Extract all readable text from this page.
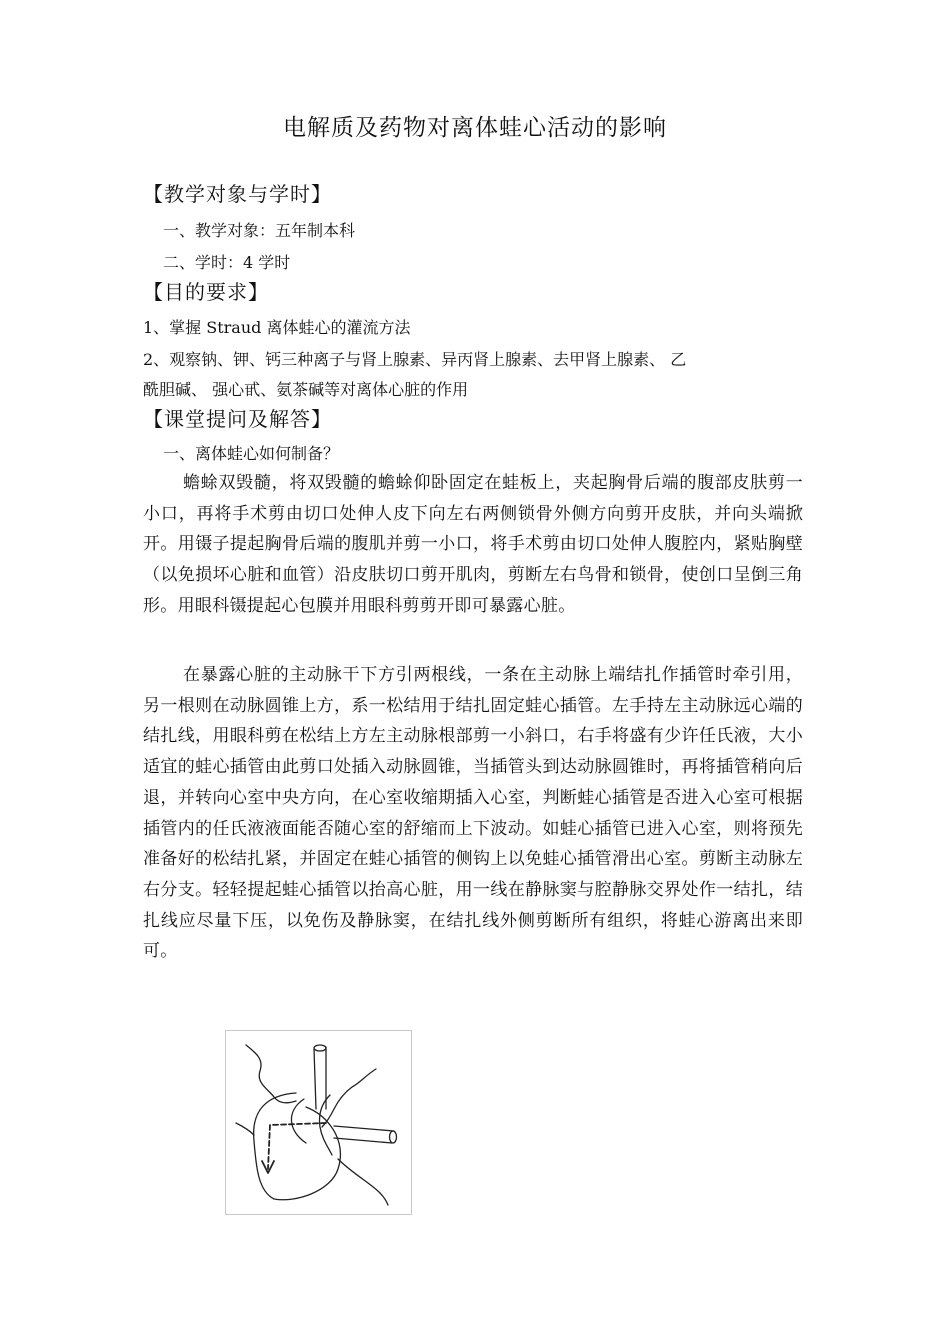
电解质及药物对离体蛙心活动的影响
【教学对象与学时】
一、教学对象：五年制本科
二、学时：4 学时
【目的要求】
1、掌握 Straud 离体蛙心的灌流方法
2、观察钠、钾、钙三种离子与肾上腺素、异丙肾上腺素、去甲肾上腺素、 乙
酰胆碱、 强心甙、氨茶碱等对离体心脏的作用
【课堂提问及解答】
一、离体蛙心如何制备？
蟾蜍双毁髓，将双毁髓的蟾蜍仰卧固定在蛙板上，夹起胸骨后端的腹部皮肤剪一小口，再将手术剪由切口处伸人皮下向左右两侧锁骨外侧方向剪开皮肤，并向头端掀开。用镊子提起胸骨后端的腹肌并剪一小口，将手术剪由切口处伸人腹腔内，紧贴胸壁（以免损坏心脏和血管）沿皮肤切口剪开肌肉，剪断左右鸟骨和锁骨，使创口呈倒三角形。用眼科镊提起心包膜并用眼科剪剪开即可暴露心脏。
在暴露心脏的主动脉干下方引两根线，一条在主动脉上端结扎作插管时牵引用，另一根则在动脉圆锥上方，系一松结用于结扎固定蛙心插管。左手持左主动脉远心端的结扎线，用眼科剪在松结上方左主动脉根部剪一小斜口，右手将盛有少许任氏液，大小适宜的蛙心插管由此剪口处插入动脉圆锥，当插管头到达动脉圆锥时，再将插管稍向后退，并转向心室中央方向，在心室收缩期插入心室，判断蛙心插管是否进入心室可根据插管内的任氏液液面能否随心室的舒缩而上下波动。如蛙心插管已进入心室，则将预先准备好的松结扎紧，并固定在蛙心插管的侧钩上以免蛙心插管滑出心室。剪断主动脉左右分支。轻轻提起蛙心插管以抬高心脏，用一线在静脉窦与腔静脉交界处作一结扎，结扎线应尽量下压，以免伤及静脉窦，在结扎线外侧剪断所有组织，将蛙心游离出来即可。
